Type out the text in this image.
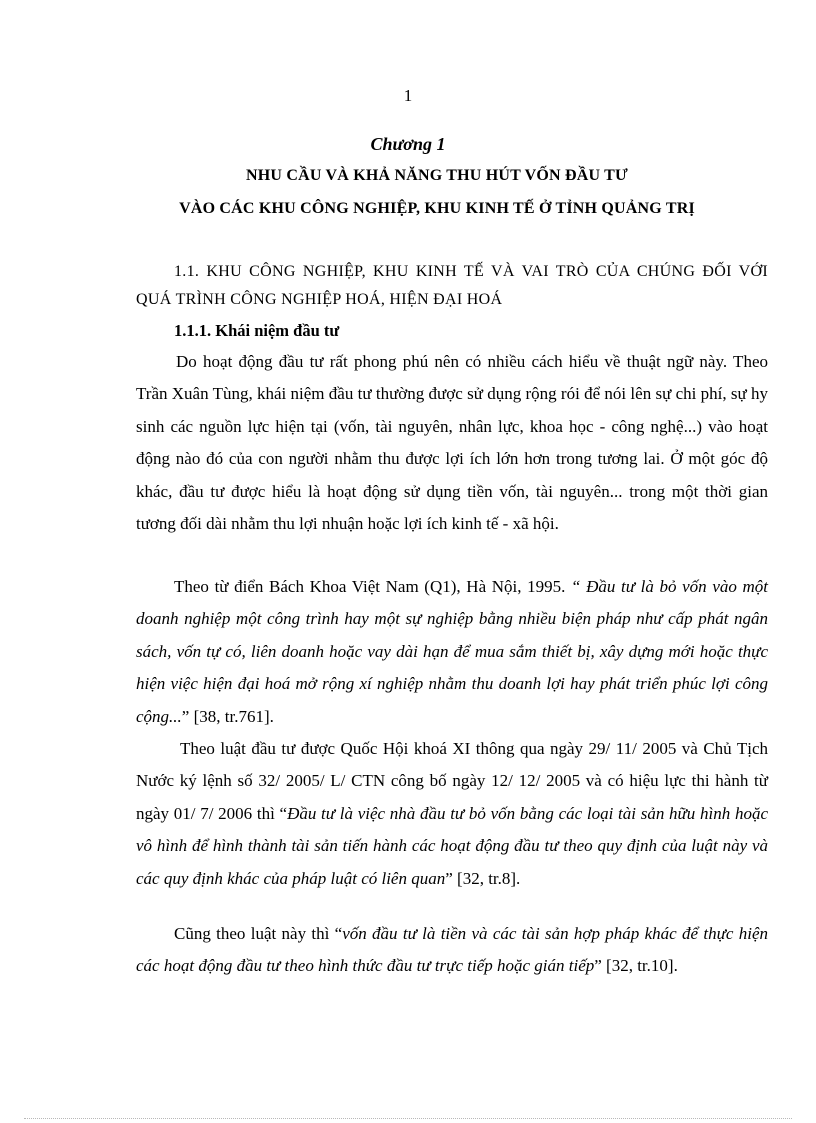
1
Chương 1
NHU CẦU VÀ KHẢ NĂNG THU HÚT VỐN ĐẦU TƯ
VÀO CÁC KHU CÔNG NGHIỆP, KHU KINH TẾ Ở TỈNH QUẢNG TRỊ
1.1. KHU CÔNG NGHIỆP, KHU KINH TẾ VÀ VAI TRÒ CỦA CHÚNG ĐỐI VỚI QUÁ TRÌNH CÔNG NGHIỆP HOÁ, HIỆN ĐẠI HOÁ
1.1.1. Khái niệm đầu tư
Do hoạt động đầu tư rất phong phú nên có nhiều cách hiểu về thuật ngữ này. Theo Trần Xuân Tùng, khái niệm đầu tư thường được sử dụng rộng rói để nói lên sự chi phí, sự hy sinh các nguồn lực hiện tại (vốn, tài nguyên, nhân lực, khoa học - công nghệ...) vào hoạt động nào đó của con người nhằm thu được lợi ích lớn hơn trong tương lai. Ở một góc độ khác, đầu tư được hiểu là hoạt động sử dụng tiền vốn, tài nguyên... trong một thời gian tương đối dài nhằm thu lợi nhuận hoặc lợi ích kinh tế - xã hội.
Theo từ điển Bách Khoa Việt Nam (Q1), Hà Nội, 1995. “ Đầu tư là bỏ vốn vào một doanh nghiệp một công trình hay một sự nghiệp bằng nhiều biện pháp như cấp phát ngân sách, vốn tự có, liên doanh hoặc vay dài hạn để mua sắm thiết bị, xây dựng mới hoặc thực hiện việc hiện đại hoá mở rộng xí nghiệp nhằm thu doanh lợi hay phát triển phúc lợi công cộng...” [38, tr.761].
Theo luật đầu tư được Quốc Hội khoá XI thông qua ngày 29/ 11/ 2005 và Chủ Tịch Nước ký lệnh số 32/ 2005/ L/ CTN công bố ngày 12/ 12/ 2005 và có hiệu lực thi hành từ ngày 01/ 7/ 2006 thì “Đầu tư là việc nhà đầu tư bỏ vốn bằng các loại tài sản hữu hình hoặc vô hình để hình thành tài sản tiến hành các hoạt động đầu tư theo quy định của luật này và các quy định khác của pháp luật có liên quan” [32, tr.8].
Cũng theo luật này thì “vốn đầu tư là tiền và các tài sản hợp pháp khác để thực hiện các hoạt động đầu tư theo hình thức đầu tư trực tiếp hoặc gián tiếp” [32, tr.10].
